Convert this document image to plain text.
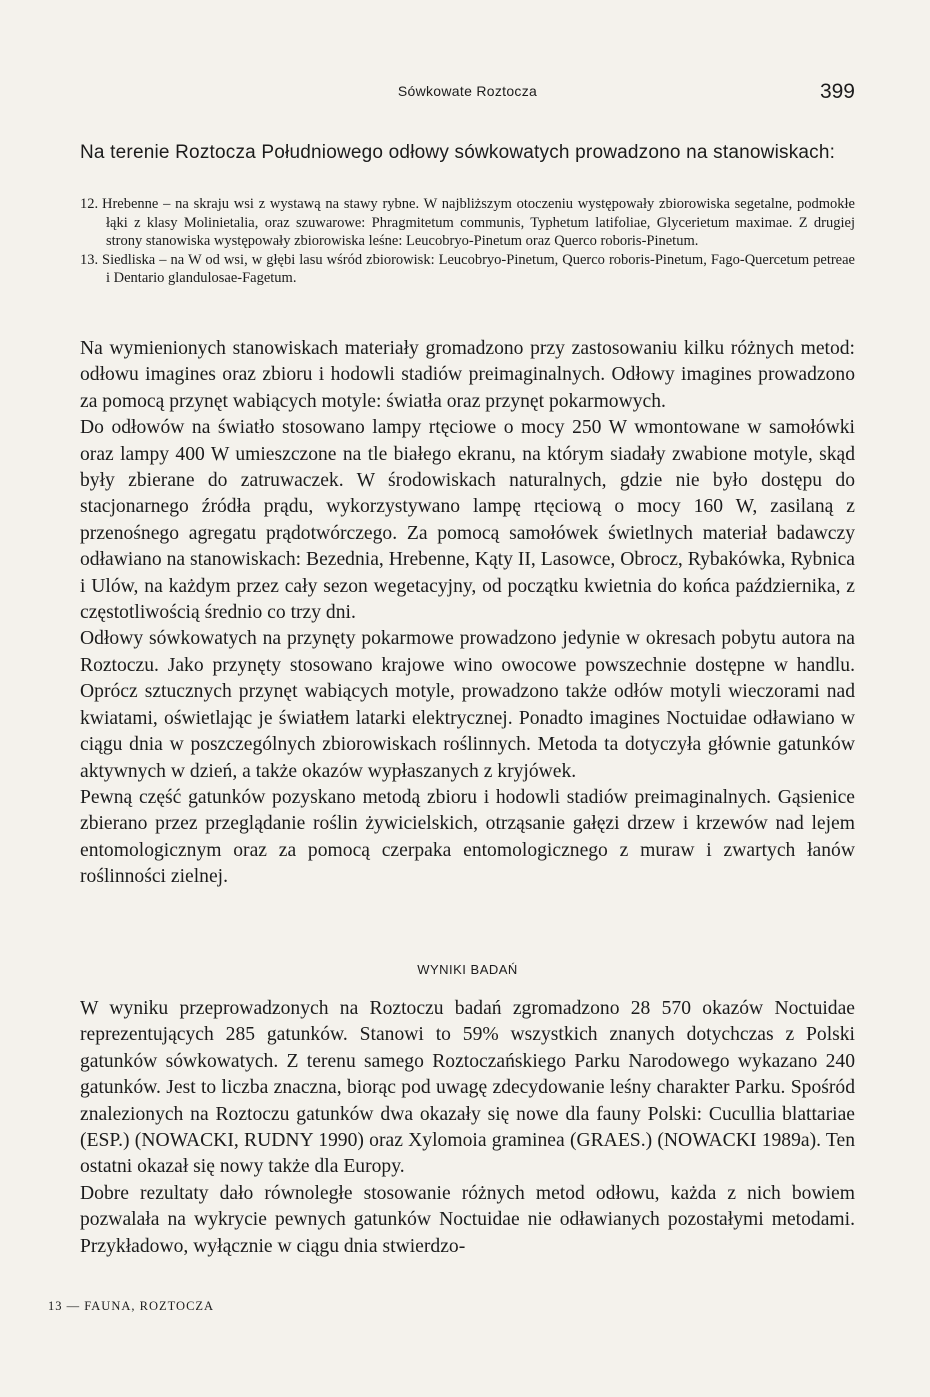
Sówkowate Roztocza	399

Na terenie Roztocza Południowego odłowy sówkowatych prowadzono na stanowiskach:

12. Hrebenne – na skraju wsi z wystawą na stawy rybne. W najbliższym otoczeniu występowały zbiorowiska segetalne, podmokłe łąki z klasy Molinietalia, oraz szuwarowe: Phragmitetum communis, Typhetum latifoliae, Glycerietum maximae. Z drugiej strony stanowiska występowały zbiorowiska leśne: Leucobryo-Pinetum oraz Querco roboris-Pinetum.
13. Siedliska – na W od wsi, w głębi lasu wśród zbiorowisk: Leucobryo-Pinetum, Querco roboris-Pinetum, Fago-Quercetum petreae i Dentario glandulosae-Fagetum.

Na wymienionych stanowiskach materiały gromadzono przy zastosowaniu kilku różnych metod: odłowu imagines oraz zbioru i hodowli stadiów preimaginalnych. Odłowy imagines prowadzono za pomocą przynęt wabiących motyle: światła oraz przynęt pokarmowych.

Do odłowów na światło stosowano lampy rtęciowe o mocy 250 W wmontowane w samołówki oraz lampy 400 W umieszczone na tle białego ekranu, na którym siadały zwabione motyle, skąd były zbierane do zatruwaczek. W środowiskach naturalnych, gdzie nie było dostępu do stacjonarnego źródła prądu, wykorzystywano lampę rtęciową o mocy 160 W, zasilaną z przenośnego agregatu prądotwórczego. Za pomocą samołówek świetlnych materiał badawczy odławiano na stanowiskach: Bezednia, Hrebenne, Kąty II, Lasowce, Obrocz, Rybakówka, Rybnica i Ulów, na każdym przez cały sezon wegetacyjny, od początku kwietnia do końca października, z częstotliwością średnio co trzy dni.

Odłowy sówkowatych na przynęty pokarmowe prowadzono jedynie w okresach pobytu autora na Roztoczu. Jako przynęty stosowano krajowe wino owocowe powszechnie dostępne w handlu. Oprócz sztucznych przynęt wabiących motyle, prowadzono także odłów motyli wieczorami nad kwiatami, oświetlając je światłem latarki elektrycznej. Ponadto imagines Noctuidae odławiano w ciągu dnia w poszczególnych zbiorowiskach roślinnych. Metoda ta dotyczyła głównie gatunków aktywnych w dzień, a także okazów wypłaszanych z kryjówek.

Pewną część gatunków pozyskano metodą zbioru i hodowli stadiów preimaginalnych. Gąsienice zbierano przez przeglądanie roślin żywicielskich, otrząsanie gałęzi drzew i krzewów nad lejem entomologicznym oraz za pomocą czerpaka entomologicznego z muraw i zwartych łanów roślinności zielnej.

WYNIKI BADAŃ

W wyniku przeprowadzonych na Roztoczu badań zgromadzono 28 570 okazów Noctuidae reprezentujących 285 gatunków. Stanowi to 59% wszystkich znanych dotychczas z Polski gatunków sówkowatych. Z terenu samego Roztoczańskiego Parku Narodowego wykazano 240 gatunków. Jest to liczba znaczna, biorąc pod uwagę zdecydowanie leśny charakter Parku. Spośród znalezionych na Roztoczu gatunków dwa okazały się nowe dla fauny Polski: Cucullia blattariae (ESP.) (NOWACKI, RUDNY 1990) oraz Xylomoia graminea (GRAES.) (NOWACKI 1989a). Ten ostatni okazał się nowy także dla Europy.

Dobre rezultaty dało równoległe stosowanie różnych metod odłowu, każda z nich bowiem pozwalała na wykrycie pewnych gatunków Noctuidae nie odławianych pozostałymi metodami. Przykładowo, wyłącznie w ciągu dnia stwierdzo-

13 — FAUNA, ROZTOCZA
